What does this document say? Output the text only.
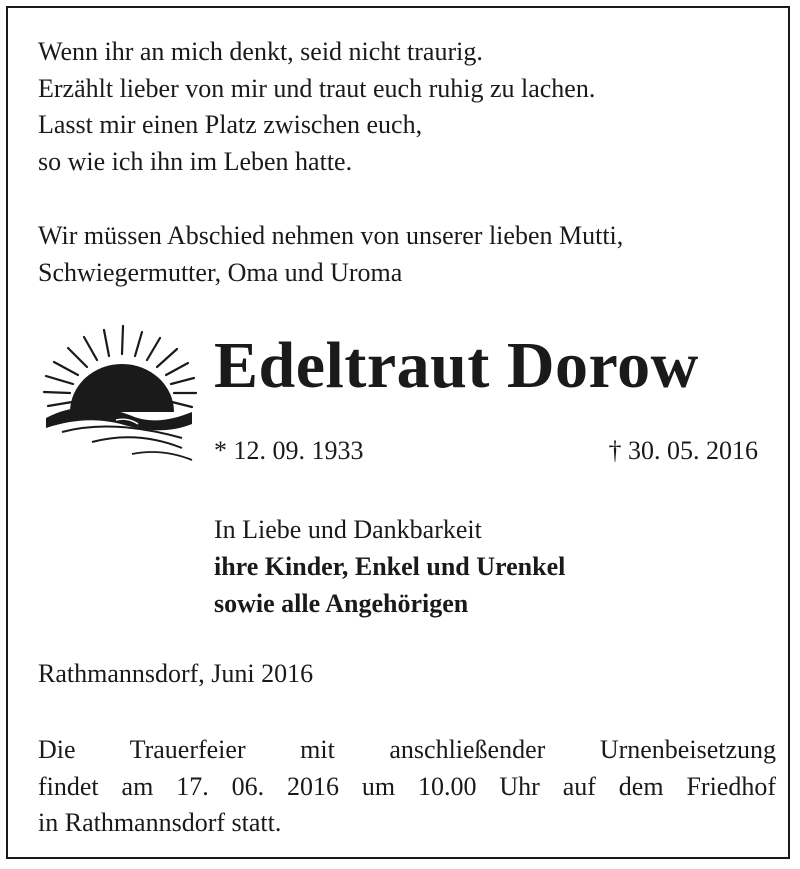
Wenn ihr an mich denkt, seid nicht traurig.
Erzählt lieber von mir und traut euch ruhig zu lachen.
Lasst mir einen Platz zwischen euch,
so wie ich ihn im Leben hatte.
Wir müssen Abschied nehmen von unserer lieben Mutti,
Schwiegermutter, Oma und Uroma
Edeltraut Dorow
* 12. 09. 1933	† 30. 05. 2016
In Liebe und Dankbarkeit
ihre Kinder, Enkel und Urenkel
sowie alle Angehörigen
Rathmannsdorf, Juni 2016
Die Trauerfeier mit anschließender Urnenbeisetzung
findet am 17. 06. 2016 um 10.00 Uhr auf dem Friedhof
in Rathmannsdorf statt.
